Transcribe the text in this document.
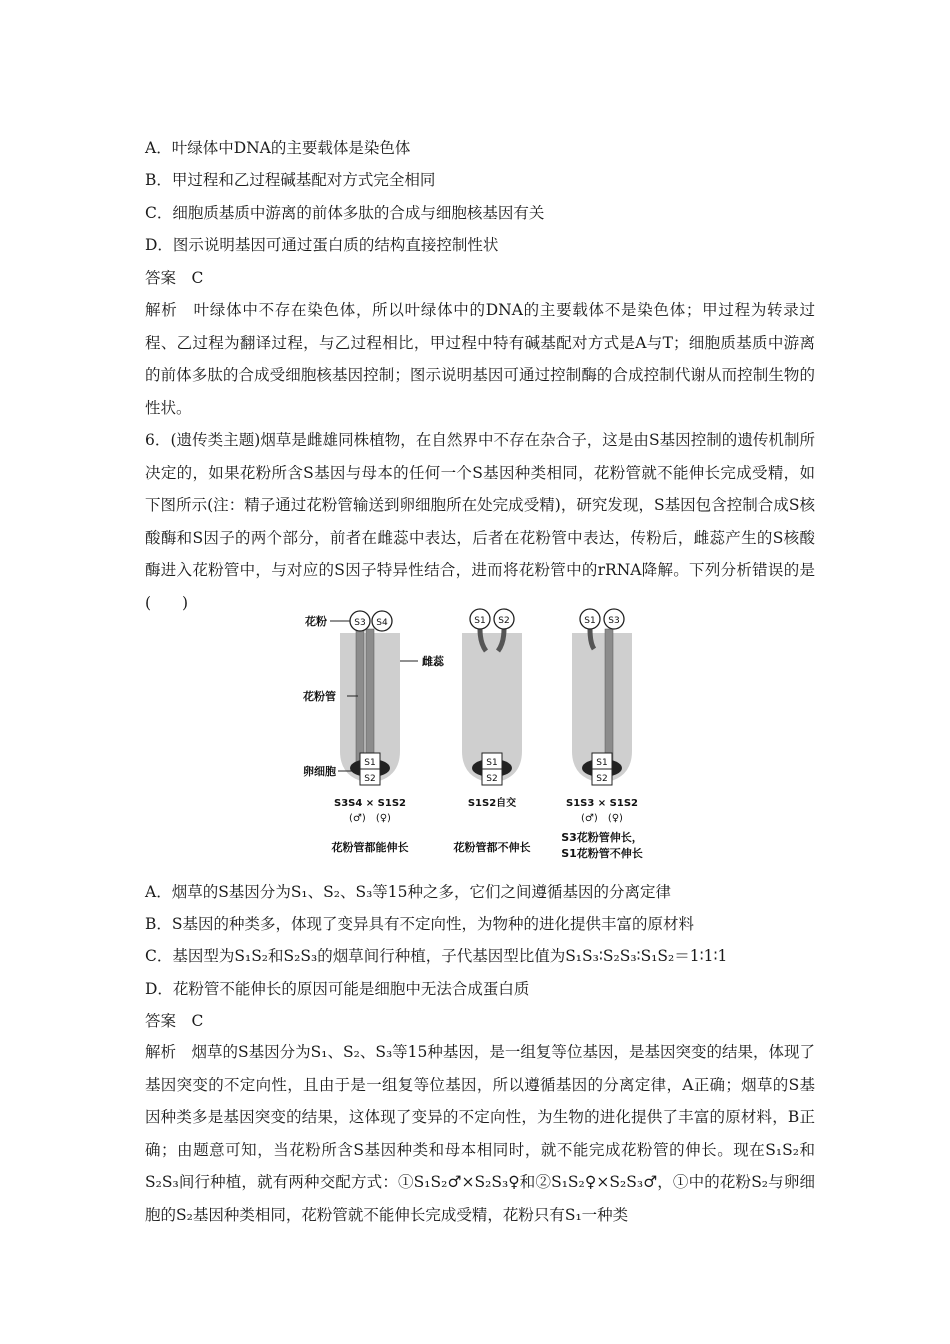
A．叶绿体中DNA的主要载体是染色体
B．甲过程和乙过程碱基配对方式完全相同
C．细胞质基质中游离的前体多肽的合成与细胞核基因有关
D．图示说明基因可通过蛋白质的结构直接控制性状
答案　C
解析　叶绿体中不存在染色体，所以叶绿体中的DNA的主要载体不是染色体；甲过程为转录过程、乙过程为翻译过程，与乙过程相比，甲过程中特有碱基配对方式是A与T；细胞质基质中游离的前体多肽的合成受细胞核基因控制；图示说明基因可通过控制酶的合成控制代谢从而控制生物的性状。
6．(遗传类主题)烟草是雌雄同株植物，在自然界中不存在杂合子，这是由S基因控制的遗传机制所决定的，如果花粉所含S基因与母本的任何一个S基因种类相同，花粉管就不能伸长完成受精，如下图所示(注：精子通过花粉管输送到卵细胞所在处完成受精)，研究发现，S基因包含控制合成S核酸酶和S因子的两个部分，前者在雌蕊中表达，后者在花粉管中表达，传粉后，雌蕊产生的S核酸酶进入花粉管中，与对应的S因子特异性结合，进而将花粉管中的rRNA降解。下列分析错误的是(　　)
S3 S4
S1
S2
S3S4 × S1S2
(♂)　(♀)
花粉管都能伸长
花粉
雌蕊
花粉管
卵细胞
S1 S2
S1
S2
S1S2自交
花粉管都不伸长
S1 S3
S1
S2
S1S3 × S1S2
(♂)　(♀)
S3花粉管伸长，
S1花粉管不伸长
A．烟草的S基因分为S₁、S₂、S₃等15种之多，它们之间遵循基因的分离定律
B．S基因的种类多，体现了变异具有不定向性，为物种的进化提供丰富的原材料
C．基因型为S₁S₂和S₂S₃的烟草间行种植，子代基因型比值为S₁S₃∶S₂S₃∶S₁S₂＝1∶1∶1
D．花粉管不能伸长的原因可能是细胞中无法合成蛋白质
答案　C
解析　烟草的S基因分为S₁、S₂、S₃等15种基因，是一组复等位基因，是基因突变的结果，体现了基因突变的不定向性，且由于是一组复等位基因，所以遵循基因的分离定律，A正确；烟草的S基因种类多是基因突变的结果，这体现了变异的不定向性，为生物的进化提供了丰富的原材料，B正确；由题意可知，当花粉所含S基因种类和母本相同时，就不能完成花粉管的伸长。现在S₁S₂和S₂S₃间行种植，就有两种交配方式：①S₁S₂♂×S₂S₃♀和②S₁S₂♀×S₂S₃♂，①中的花粉S₂与卵细胞的S₂基因种类相同，花粉管就不能伸长完成受精，花粉只有S₁一种类
